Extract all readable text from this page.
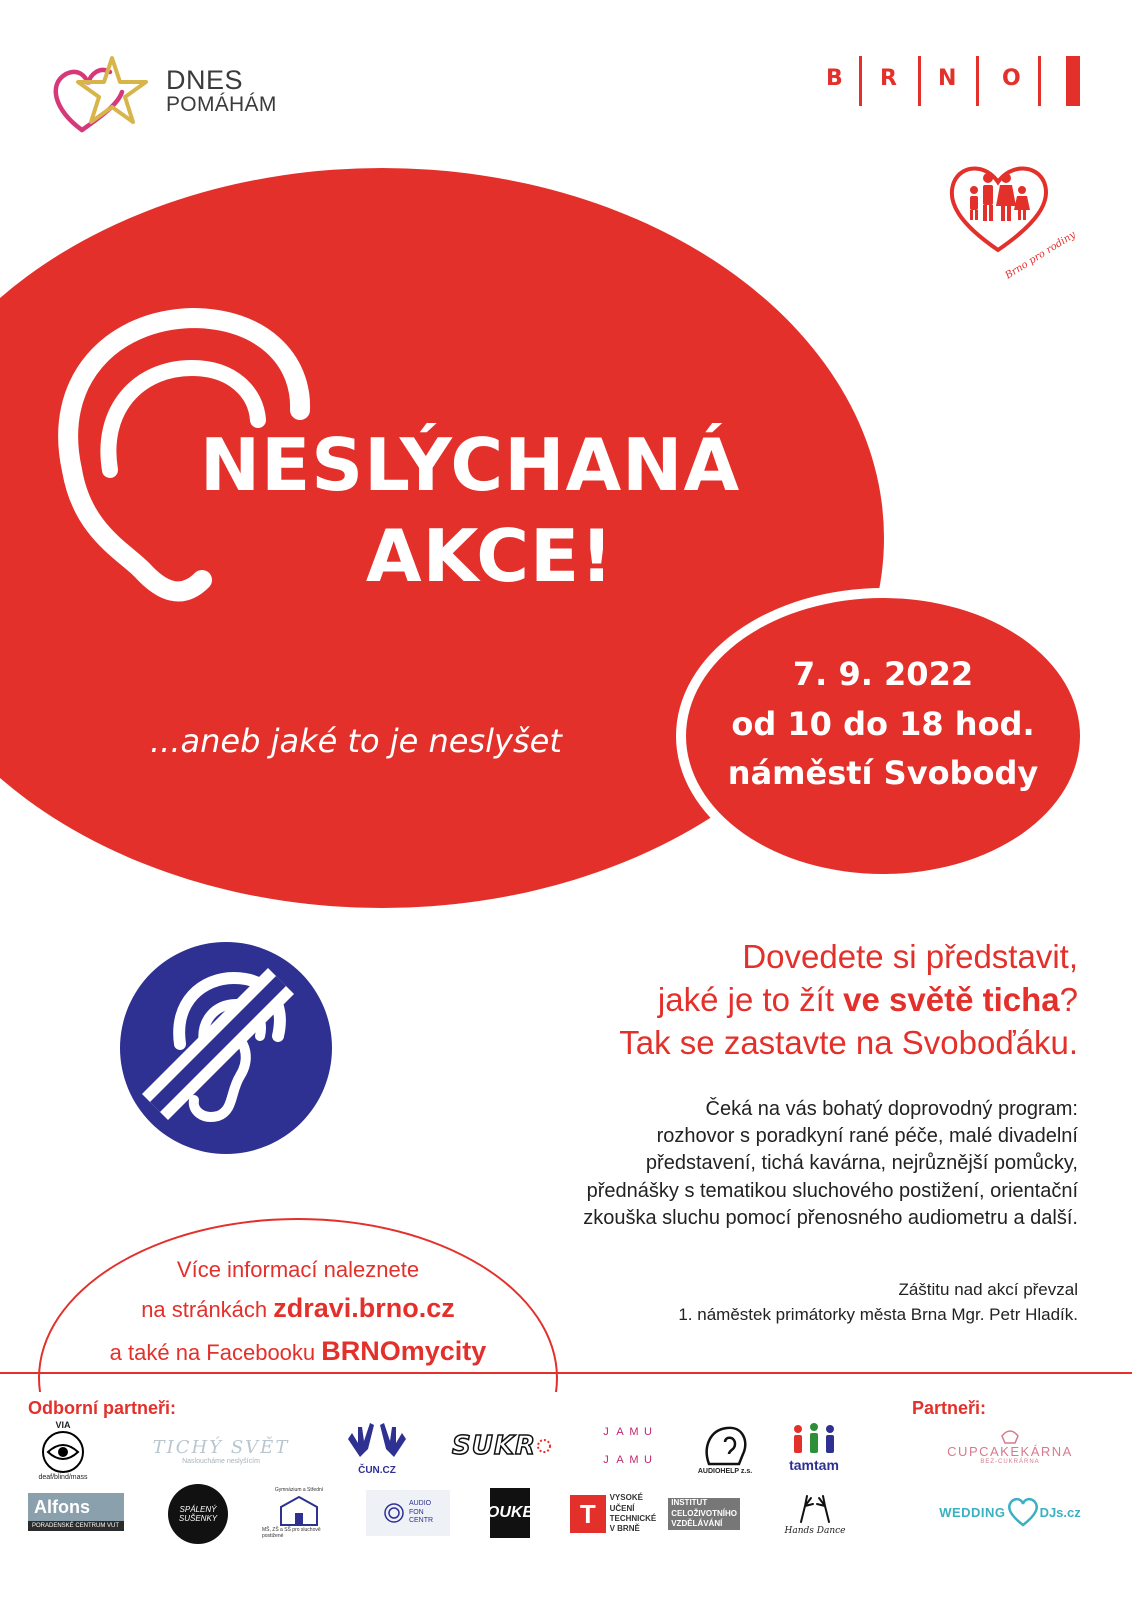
DNES
POMÁHÁM
B R N O
Brno pro rodiny
NESLÝCHANÁ
AKCE!
...aneb jaké to je neslyšet
7. 9. 2022
od 10 do 18 hod.
náměstí Svobody
Dovedete si představit,
jaké je to žít ve světě ticha?
Tak se zastavte na Svoboďáku.
Čeká na vás bohatý doprovodný program:
rozhovor s poradkyní rané péče, malé divadelní
představení, tichá kavárna, nejrůznější pomůcky,
přednášky s tematikou sluchového postižení, orientační
zkouška sluchu pomocí přenosného audiometru a další.
Záštitu nad akcí převzal
1. náměstek primátorky města Brna Mgr. Petr Hladík.
Více informací naleznete
na stránkách zdravi.brno.cz
a také na Facebooku BRNOmycity
Odborní partneři:	Partneři:
VIA
deaf/blind/mass
TICHÝ SVĚT
Nasloucháme neslyšícím
ČUN.CZ
SUKR	J A M U
J A M U
AUDIOHELP z.s.	tamtam
CUPCAKEKÁRNA
BEZ-CUKRÁRNA
Alfons
PORADENSKÉ CENTRUM VUT
SPÁLENÝ
SUŠENKY
Gymnázium a Střední
MŠ, ZŠ a SŠ pro sluchově postižené
AUDIO
FON
CENTR	OUKE	T
VYSOKÉ UČENÍ
TECHNICKÉ
V BRNĚ
INSTITUT
CELOŽIVOTNÍHO
VZDĚLÁVÁNÍ
Hands Dance
WEDDING	DJs.cz
